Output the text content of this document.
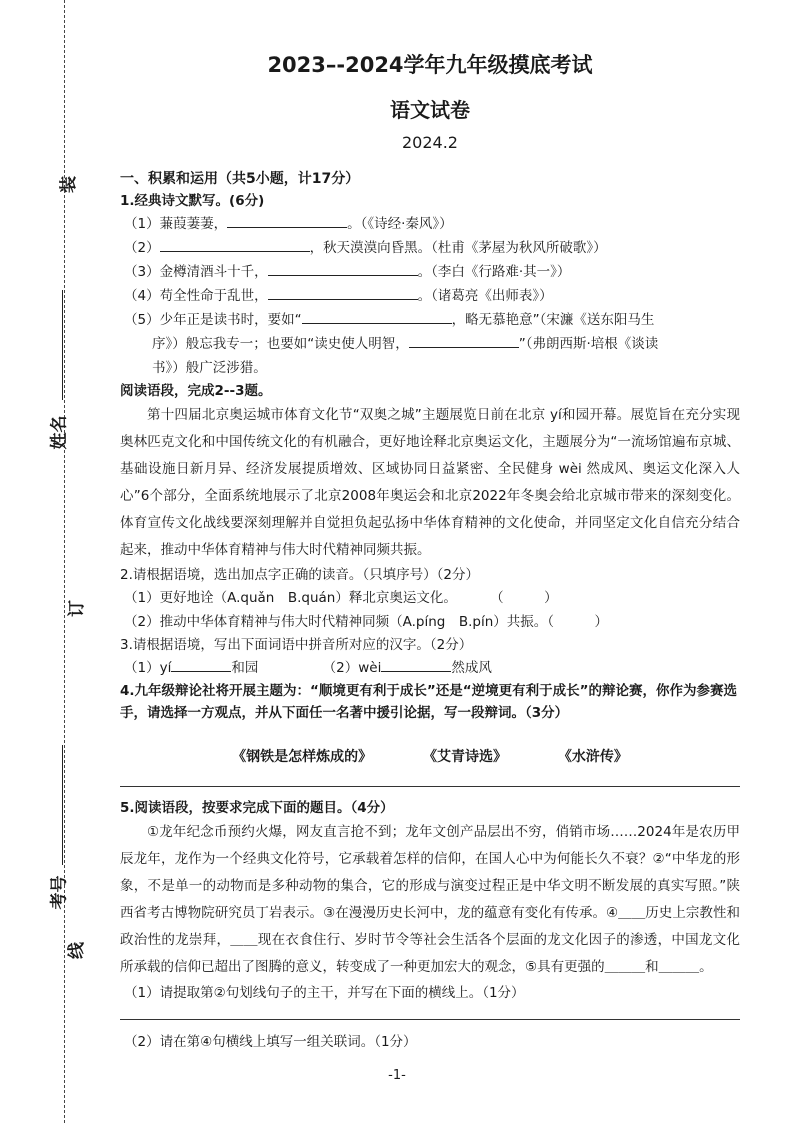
装
姓名
订
考号
线
2023–-2024学年九年级摸底考试
语文试卷
2024.2
一、积累和运用（共5小题，计17分）
1.经典诗文默写。(6分)
（1）蒹葭萋萋，	。（《诗经·秦风》）
（2）	，秋天漠漠向昏黑。（杜甫《茅屋为秋风所破歌》）
（3）金樽清酒斗十千，	。（李白《行路难·其一》）
（4）苟全性命于乱世，	。（诸葛亮《出师表》）
（5）少年正是读书时，要如“	，略无慕艳意”（宋濂《送东阳马生
序》）般忘我专一；也要如“读史使人明智，	”（弗朗西斯·培根《谈读
书》）般广泛涉猎。
阅读语段，完成2--3题。

第十四届北京奥运城市体育文化节“双奥之城”主题展览日前在北京 yí和园开幕。展览旨在充分实现奥林匹克文化和中国传统文化的有机融合，更好地诠释北京奥运文化，主题展分为“一流场馆遍布京城、基础设施日新月异、经济发展提质增效、区域协同日益紧密、全民健身 wèi 然成风、奥运文化深入人心”6个部分，全面系统地展示了北京2008年奥运会和北京2022年冬奥会给北京城市带来的深刻变化。体育宣传文化战线要深刻理解并自觉担负起弘扬中华体育精神的文化使命，并同坚定文化自信充分结合起来，推动中华体育精神与伟大时代精神同频共振。

2.请根据语境，选出加点字正确的读音。（只填序号）（2分）
（1）更好地诠（A.quǎn　B.quán）释北京奥运文化。	（　　　）
（2）推动中华体育精神与伟大时代精神同频（A.píng　B.pín）共振。（　　　）
3.请根据语境，写出下面词语中拼音所对应的汉字。（2分）
（1）yí	和园	（2）wèi	然成风
4.九年级辩论社将开展主题为：“顺境更有利于成长”还是“逆境更有利于成长”的辩论赛，你作为参赛选手，请选择一方观点，并从下面任一名著中援引论据，写一段辩词。（3分）
《钢铁是怎样炼成的》	《艾青诗选》	《水浒传》
5.阅读语段，按要求完成下面的题目。（4分）

①龙年纪念币预约火爆，网友直言抢不到；龙年文创产品层出不穷，俏销市场……2024年是农历甲辰龙年，龙作为一个经典文化符号，它承载着怎样的信仰，在国人心中为何能长久不衰？②“中华龙的形象，不是单一的动物而是多种动物的集合，它的形成与演变过程正是中华文明不断发展的真实写照。”陕西省考古博物院研究员丁岩表示。③在漫漫历史长河中，龙的蕴意有变化有传承。④＿＿历史上宗教性和政治性的龙崇拜，＿＿现在衣食住行、岁时节令等社会生活各个层面的龙文化因子的渗透，中国龙文化所承载的信仰已超出了图腾的意义，转变成了一种更加宏大的观念，⑤具有更强的＿＿＿和＿＿＿。

（1）请提取第②句划线句子的主干，并写在下面的横线上。（1分）
（2）请在第④句横线上填写一组关联词。（1分）
-1-
